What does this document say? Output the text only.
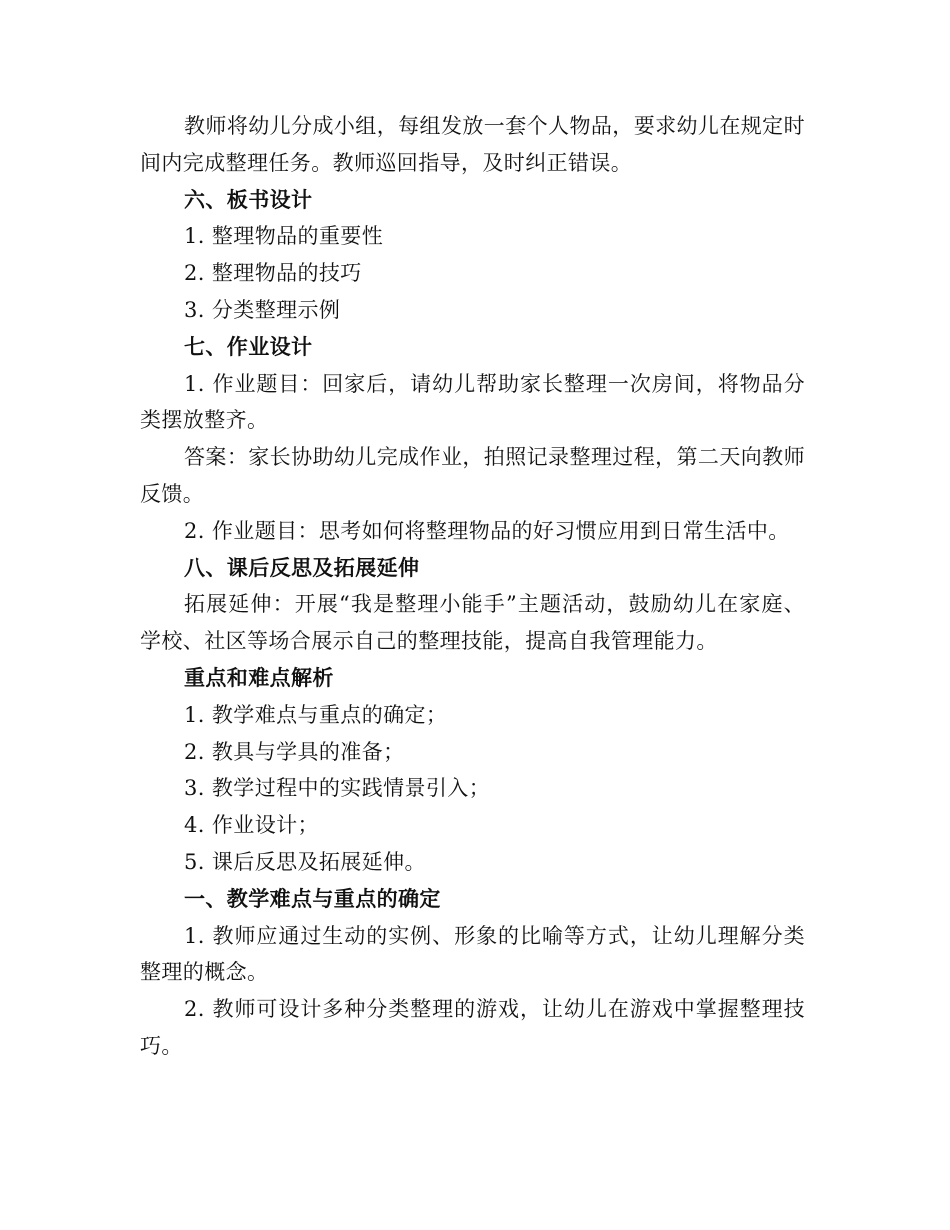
教师将幼儿分成小组，每组发放一套个人物品，要求幼儿在规定时间内完成整理任务。教师巡回指导，及时纠正错误。

六、板书设计

1. 整理物品的重要性

2. 整理物品的技巧

3. 分类整理示例

七、作业设计

1. 作业题目：回家后，请幼儿帮助家长整理一次房间，将物品分类摆放整齐。

答案：家长协助幼儿完成作业，拍照记录整理过程，第二天向教师反馈。

2. 作业题目：思考如何将整理物品的好习惯应用到日常生活中。

八、课后反思及拓展延伸

拓展延伸：开展“我是整理小能手”主题活动，鼓励幼儿在家庭、学校、社区等场合展示自己的整理技能，提高自我管理能力。

重点和难点解析

1. 教学难点与重点的确定；

2. 教具与学具的准备；

3. 教学过程中的实践情景引入；

4. 作业设计；

5. 课后反思及拓展延伸。

一、教学难点与重点的确定

1. 教师应通过生动的实例、形象的比喻等方式，让幼儿理解分类整理的概念。

2. 教师可设计多种分类整理的游戏，让幼儿在游戏中掌握整理技巧。
